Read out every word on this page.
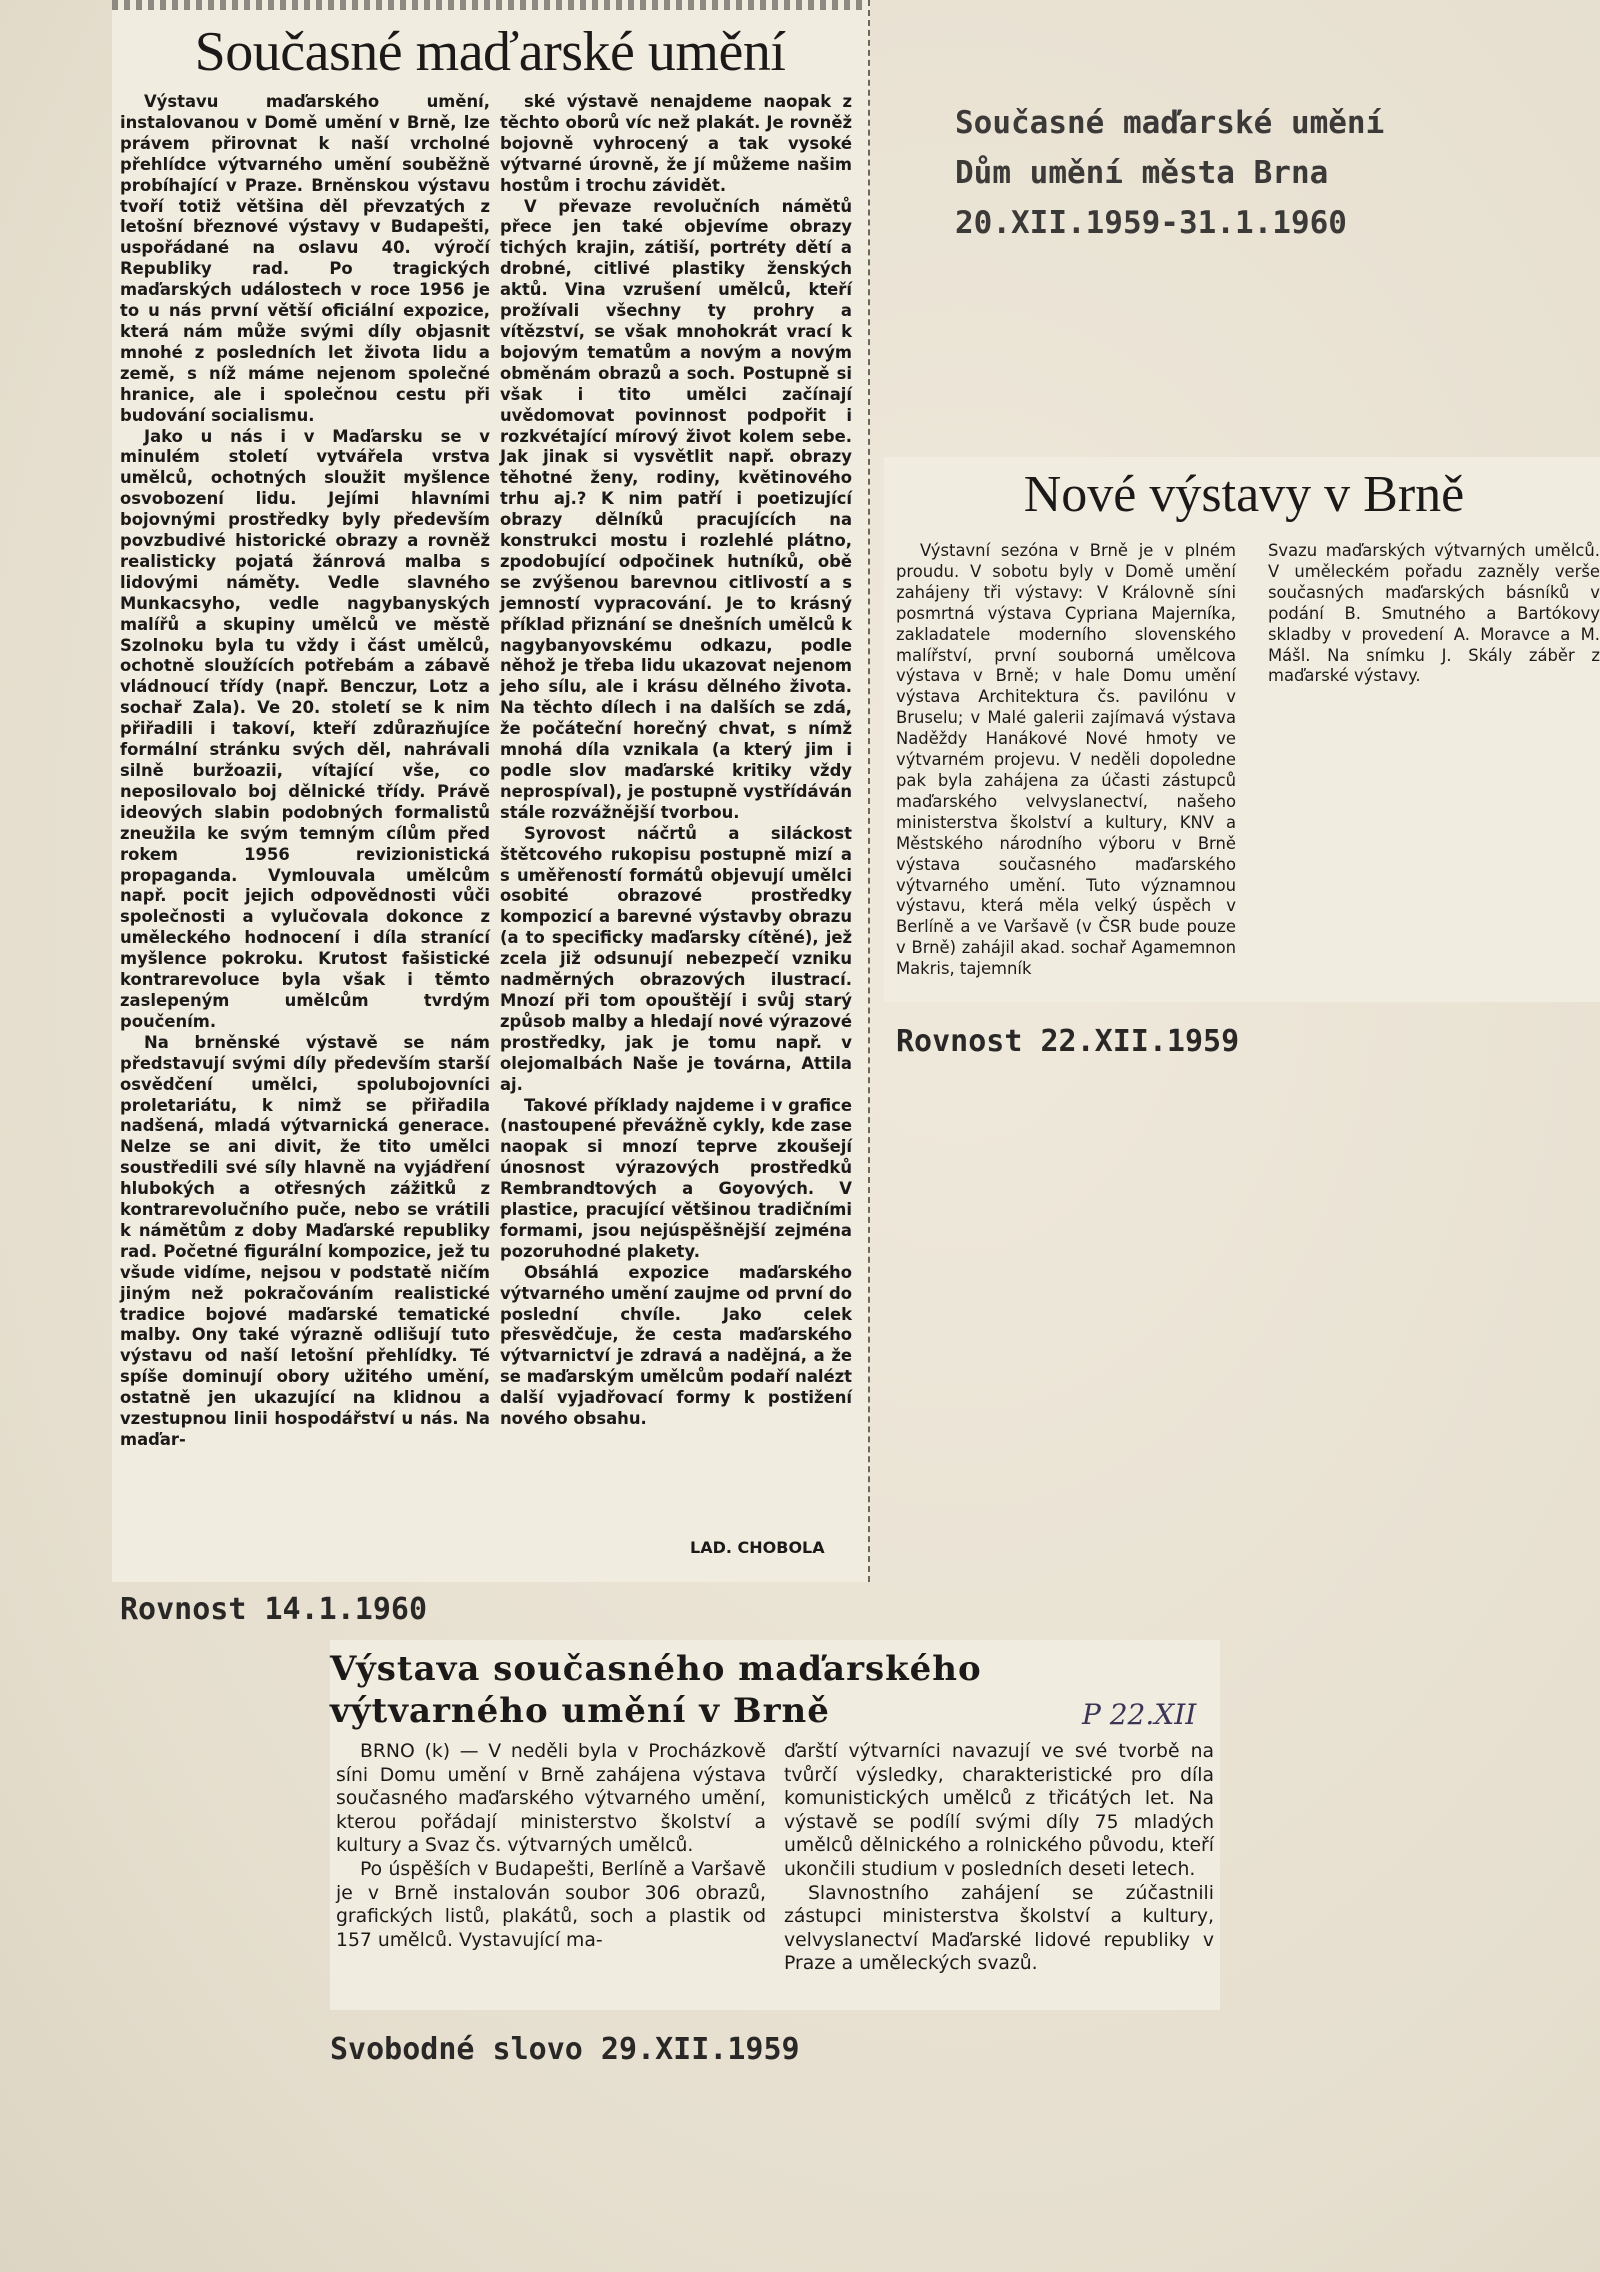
Současné maďarské umění

Výstavu maďarského umění, instalovanou v Domě umění v Brně, lze právem přirovnat k naší vrcholné přehlídce výtvarného umění souběžně probíhající v Praze. Brněnskou výstavu tvoří totiž většina děl převzatých z letošní březnové výstavy v Budapešti, uspořádané na oslavu 40. výročí Republiky rad. Po tragických maďarských událostech v roce 1956 je to u nás první větší oficiální expozice, která nám může svými díly objasnit mnohé z posledních let života lidu a země, s níž máme nejenom společné hranice, ale i společnou cestu při budování socialismu.

Jako u nás i v Maďarsku se v minulém století vytvářela vrstva umělců, ochotných sloužit myšlence osvobození lidu. Jejími hlavními bojovnými prostředky byly především povzbudivé historické obrazy a rovněž realisticky pojatá žánrová malba s lidovými náměty. Vedle slavného Munkacsyho, vedle nagybanyských malířů a skupiny umělců ve městě Szolnoku byla tu vždy i část umělců, ochotně sloužících potřebám a zábavě vládnoucí třídy (např. Benczur, Lotz a sochař Zala). Ve 20. století se k nim přiřadili i takoví, kteří zdůrazňujíce formální stránku svých děl, nahrávali silně buržoazii, vítající vše, co neposilovalo boj dělnické třídy. Právě ideových slabin podobných formalistů zneužila ke svým temným cílům před rokem 1956 revizionistická propaganda. Vymlouvala umělcům např. pocit jejich odpovědnosti vůči společnosti a vylučovala dokonce z uměleckého hodnocení i díla stranící myšlence pokroku. Krutost fašistické kontrarevoluce byla však i těmto zaslepeným umělcům tvrdým poučením.

Na brněnské výstavě se nám představují svými díly především starší osvědčení umělci, spolubojovníci proletariátu, k nimž se přiřadila nadšená, mladá výtvarnická generace. Nelze se ani divit, že tito umělci soustředili své síly hlavně na vyjádření hlubokých a otřesných zážitků z kontrarevolučního puče, nebo se vrátili k námětům z doby Maďarské republiky rad. Početné figurální kompozice, jež tu všude vidíme, nejsou v podstatě ničím jiným než pokračováním realistické tradice bojové maďarské tematické malby. Ony také výrazně odlišují tuto výstavu od naší letošní přehlídky. Té spíše dominují obory užitého umění, ostatně jen ukazující na klidnou a vzestupnou linii hospodářství u nás. Na maďar-

ské výstavě nenajdeme naopak z těchto oborů víc než plakát. Je rovněž bojovně vyhrocený a tak vysoké výtvarné úrovně, že jí můžeme našim hostům i trochu závidět.

V převaze revolučních námětů přece jen také objevíme obrazy tichých krajin, zátiší, portréty dětí a drobné, citlivé plastiky ženských aktů. Vina vzrušení umělců, kteří prožívali všechny ty prohry a vítězství, se však mnohokrát vrací k bojovým tematům a novým a novým obměnám obrazů a soch. Postupně si však i tito umělci začínají uvědomovat povinnost podpořit i rozkvétající mírový život kolem sebe. Jak jinak si vysvětlit např. obrazy těhotné ženy, rodiny, květinového trhu aj.? K nim patří i poetizující obrazy dělníků pracujících na konstrukci mostu i rozlehlé plátno, zpodobující odpočinek hutníků, obě se zvýšenou barevnou citlivostí a s jemností vypracování. Je to krásný příklad přiznání se dnešních umělců k nagybanyovskému odkazu, podle něhož je třeba lidu ukazovat nejenom jeho sílu, ale i krásu dělného života. Na těchto dílech i na dalších se zdá, že počáteční horečný chvat, s nímž mnohá díla vznikala (a který jim i podle slov maďarské kritiky vždy neprospíval), je postupně vystřídáván stále rozvážnější tvorbou.

Syrovost náčrtů a siláckost štětcového rukopisu postupně mizí a s uměřeností formátů objevují umělci osobité obrazové prostředky kompozicí a barevné výstavby obrazu (a to specificky maďarsky cítěné), jež zcela již odsunují nebezpečí vzniku nadměrných obrazových ilustrací. Mnozí při tom opouštějí i svůj starý způsob malby a hledají nové výrazové prostředky, jak je tomu např. v olejomalbách Naše je továrna, Attila aj.

Takové příklady najdeme i v grafice (nastoupené převážně cykly, kde zase naopak si mnozí teprve zkoušejí únosnost výrazových prostředků Rembrandtových a Goyových. V plastice, pracující většinou tradičními formami, jsou nejúspěšnější zejména pozoruhodné plakety.

Obsáhlá expozice maďarského výtvarného umění zaujme od první do poslední chvíle. Jako celek přesvědčuje, že cesta maďarského výtvarnictví je zdravá a nadějná, a že se maďarským umělcům podaří nalézt další vyjadřovací formy k postižení nového obsahu.

LAD. CHOBOLA
Rovnost 14.1.1960
Současné maďarské umění
Dům umění města Brna
20.XII.1959-31.1.1960
Nové výstavy v Brně

Výstavní sezóna v Brně je v plném proudu. V sobotu byly v Domě umění zahájeny tři výstavy: V Královně síni posmrtná výstava Cypriana Majerníka, zakladatele moderního slovenského malířství, první souborná umělcova výstava v Brně; v hale Domu umění výstava Architektura čs. pavilónu v Bruselu; v Malé galerii zajímavá výstava Naděždy Hanákové Nové hmoty ve výtvarném projevu. V neděli dopoledne pak byla zahájena za účasti zástupců maďarského velvyslanectví, našeho ministerstva školství a kultury, KNV a Městského národního výboru v Brně výstava současného maďarského výtvarného umění. Tuto významnou výstavu, která měla velký úspěch v Berlíně a ve Varšavě (v ČSR bude pouze v Brně) zahájil akad. sochař Agamemnon Makris, tajemník

Svazu maďarských výtvarných umělců. V uměleckém pořadu zazněly verše současných maďarských básníků v podání B. Smutného a Bartókovy skladby v provedení A. Moravce a M. Mášl. Na snímku J. Skály záběr z maďarské výstavy.

Rovnost 22.XII.1959
Výstava současného maďarského
výtvarného umění v Brně	P 22.XII

BRNO (k) — V neděli byla v Procházkově síni Domu umění v Brně zahájena výstava současného maďarského výtvarného umění, kterou pořádají ministerstvo školství a kultury a Svaz čs. výtvarných umělců.

Po úspěších v Budapešti, Berlíně a Varšavě je v Brně instalován soubor 306 obrazů, grafických listů, plakátů, soch a plastik od 157 umělců. Vystavující ma-

ďarští výtvarníci navazují ve své tvorbě na tvůrčí výsledky, charakteristické pro díla komunistických umělců z třicátých let. Na výstavě se podílí svými díly 75 mladých umělců dělnického a rolnického původu, kteří ukončili studium v posledních deseti letech.

Slavnostního zahájení se zúčastnili zástupci ministerstva školství a kultury, velvyslanectví Maďarské lidové republiky v Praze a uměleckých svazů.

Svobodné slovo 29.XII.1959
